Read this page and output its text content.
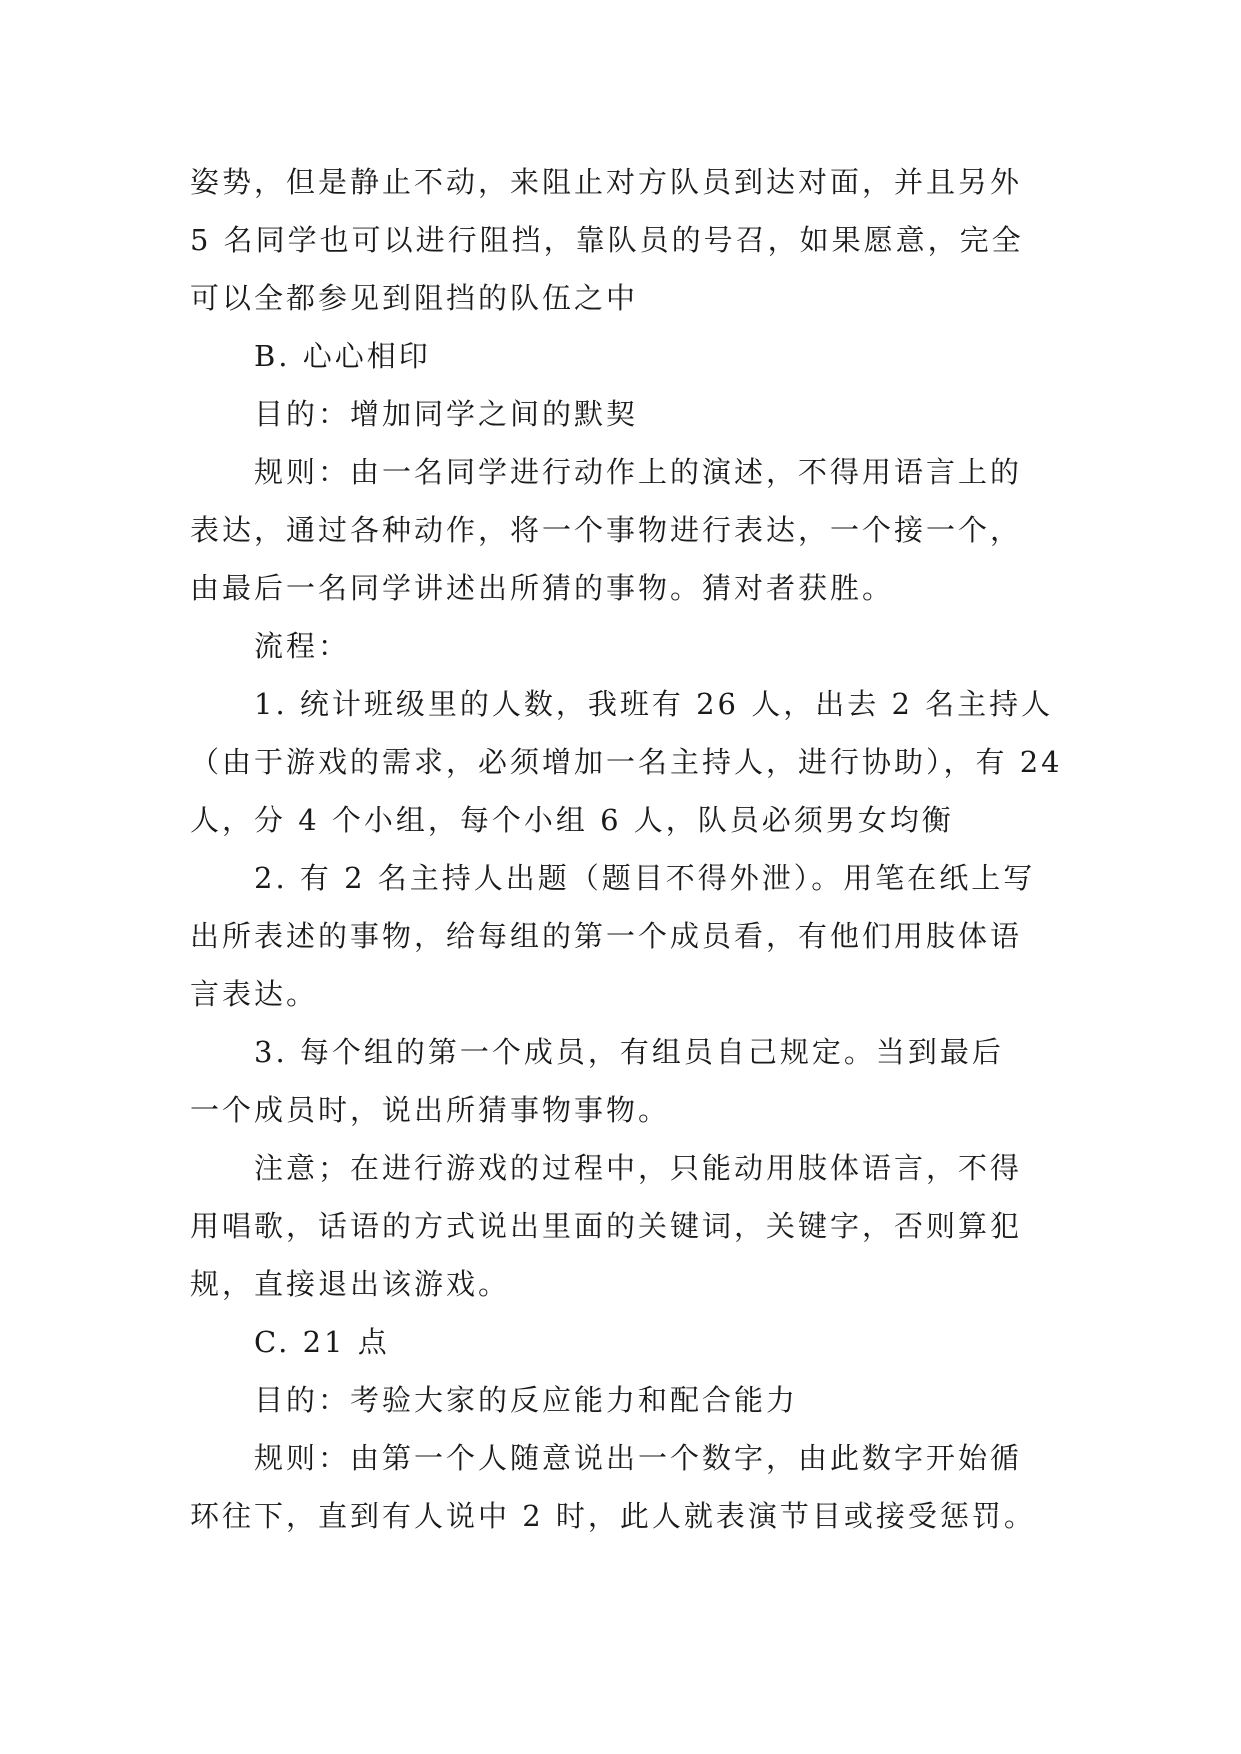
姿势，但是静止不动，来阻止对方队员到达对面，并且另外
5 名同学也可以进行阻挡，靠队员的号召，如果愿意，完全
可以全都参见到阻挡的队伍之中
B. 心心相印
目的：增加同学之间的默契
规则：由一名同学进行动作上的演述，不得用语言上的
表达，通过各种动作，将一个事物进行表达，一个接一个，
由最后一名同学讲述出所猜的事物。猜对者获胜。
流程：
1. 统计班级里的人数，我班有 26 人，出去 2 名主持人
（由于游戏的需求，必须增加一名主持人，进行协助），有 24
人，分 4 个小组，每个小组 6 人，队员必须男女均衡
2. 有 2 名主持人出题（题目不得外泄）。用笔在纸上写
出所表述的事物，给每组的第一个成员看，有他们用肢体语
言表达。
3. 每个组的第一个成员，有组员自己规定。当到最后
一个成员时，说出所猜事物事物。
注意；在进行游戏的过程中，只能动用肢体语言，不得
用唱歌，话语的方式说出里面的关键词，关键字，否则算犯
规，直接退出该游戏。
C. 21 点
目的：考验大家的反应能力和配合能力
规则：由第一个人随意说出一个数字，由此数字开始循
环往下，直到有人说中 2 时，此人就表演节目或接受惩罚。
